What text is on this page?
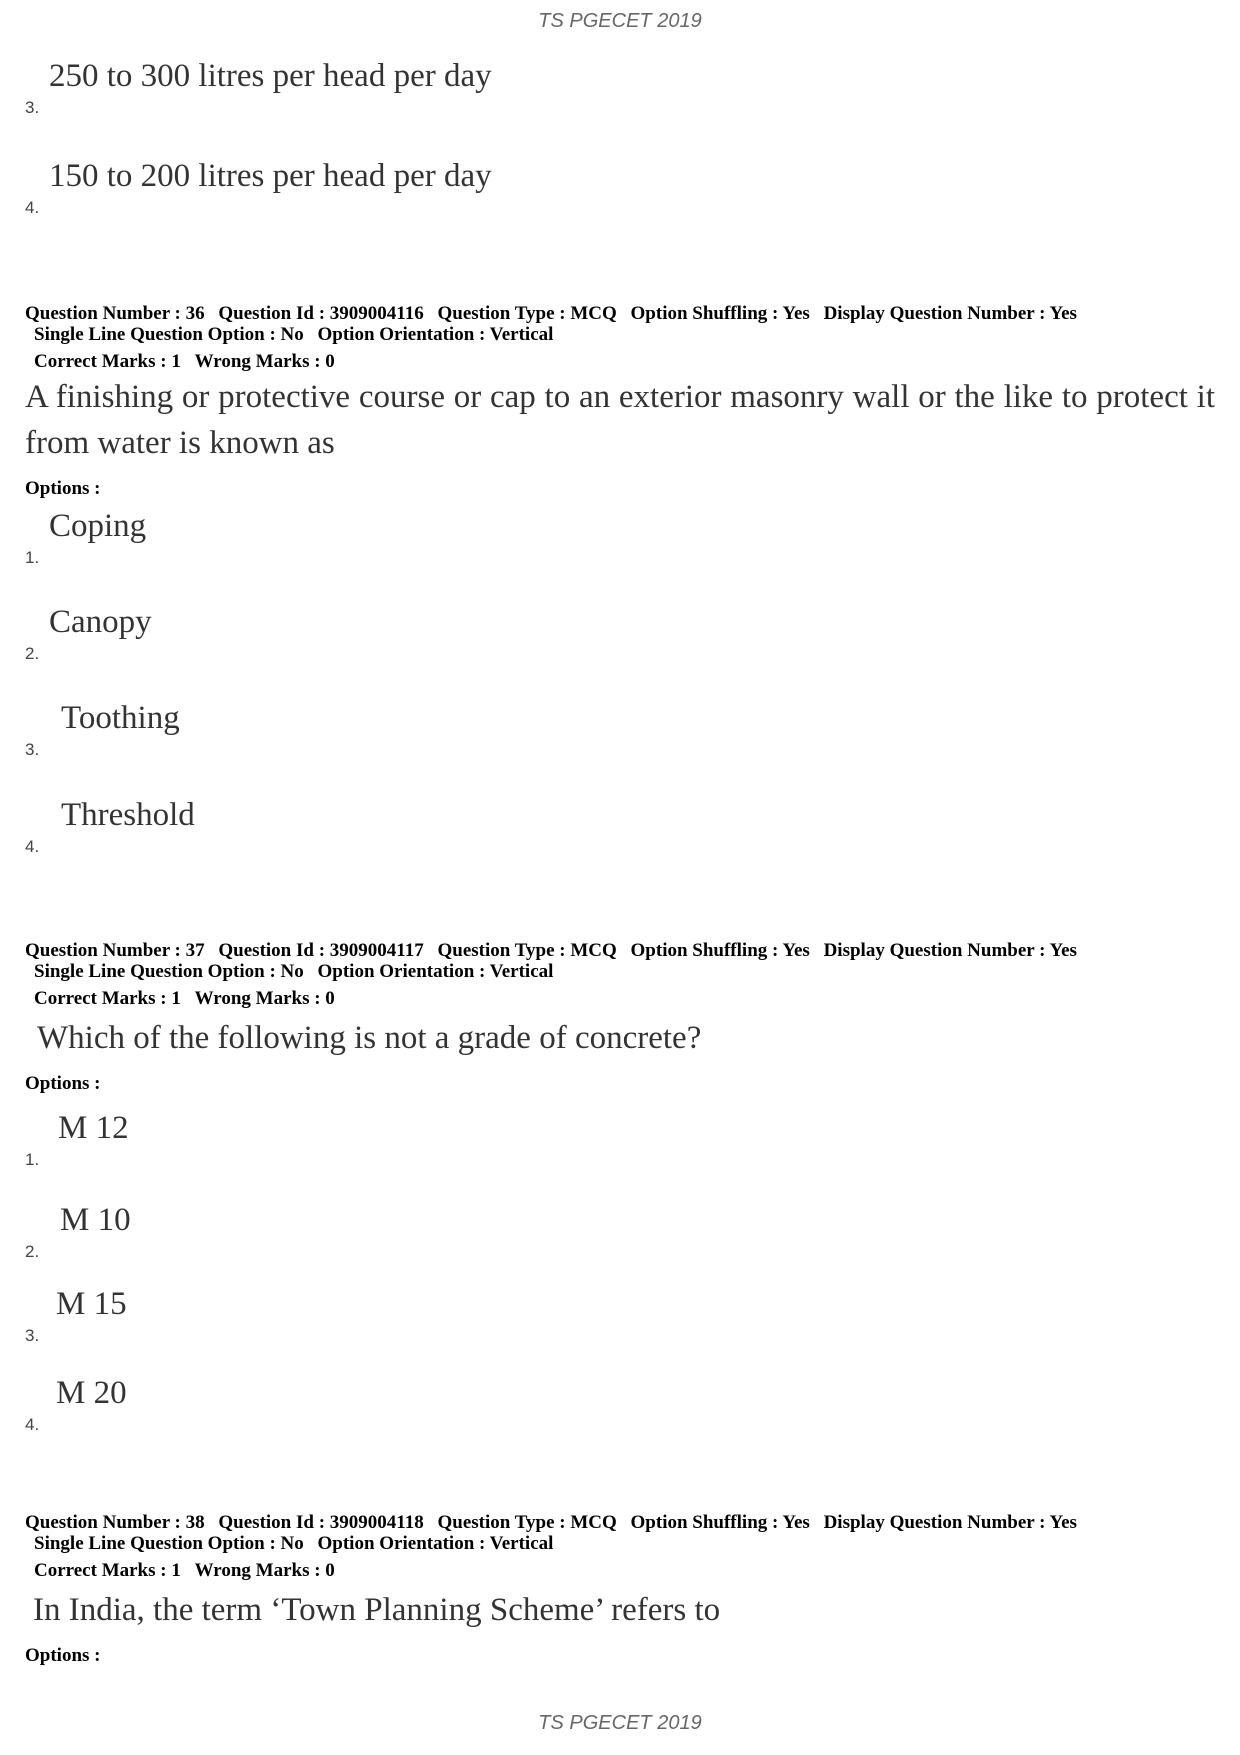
TS PGECET 2019
3.
250 to 300 litres per head per day
4.
150 to 200 litres per head per day
Question Number : 36 Question Id : 3909004116 Question Type : MCQ Option Shuffling : Yes Display Question Number : Yes
Single Line Question Option : No Option Orientation : Vertical
Correct Marks : 1 Wrong Marks : 0
A finishing or protective course or cap to an exterior masonry wall or the like to protect it from water is known as
Options :
1.
Coping
2.
Canopy
3.
Toothing
4.
Threshold
Question Number : 37 Question Id : 3909004117 Question Type : MCQ Option Shuffling : Yes Display Question Number : Yes
Single Line Question Option : No Option Orientation : Vertical
Correct Marks : 1 Wrong Marks : 0
Which of the following is not a grade of concrete?
Options :
1.
M 12
2.
M 10
3.
M 15
4.
M 20
Question Number : 38 Question Id : 3909004118 Question Type : MCQ Option Shuffling : Yes Display Question Number : Yes
Single Line Question Option : No Option Orientation : Vertical
Correct Marks : 1 Wrong Marks : 0
In India, the term ‘Town Planning Scheme’ refers to
Options :
TS PGECET 2019
